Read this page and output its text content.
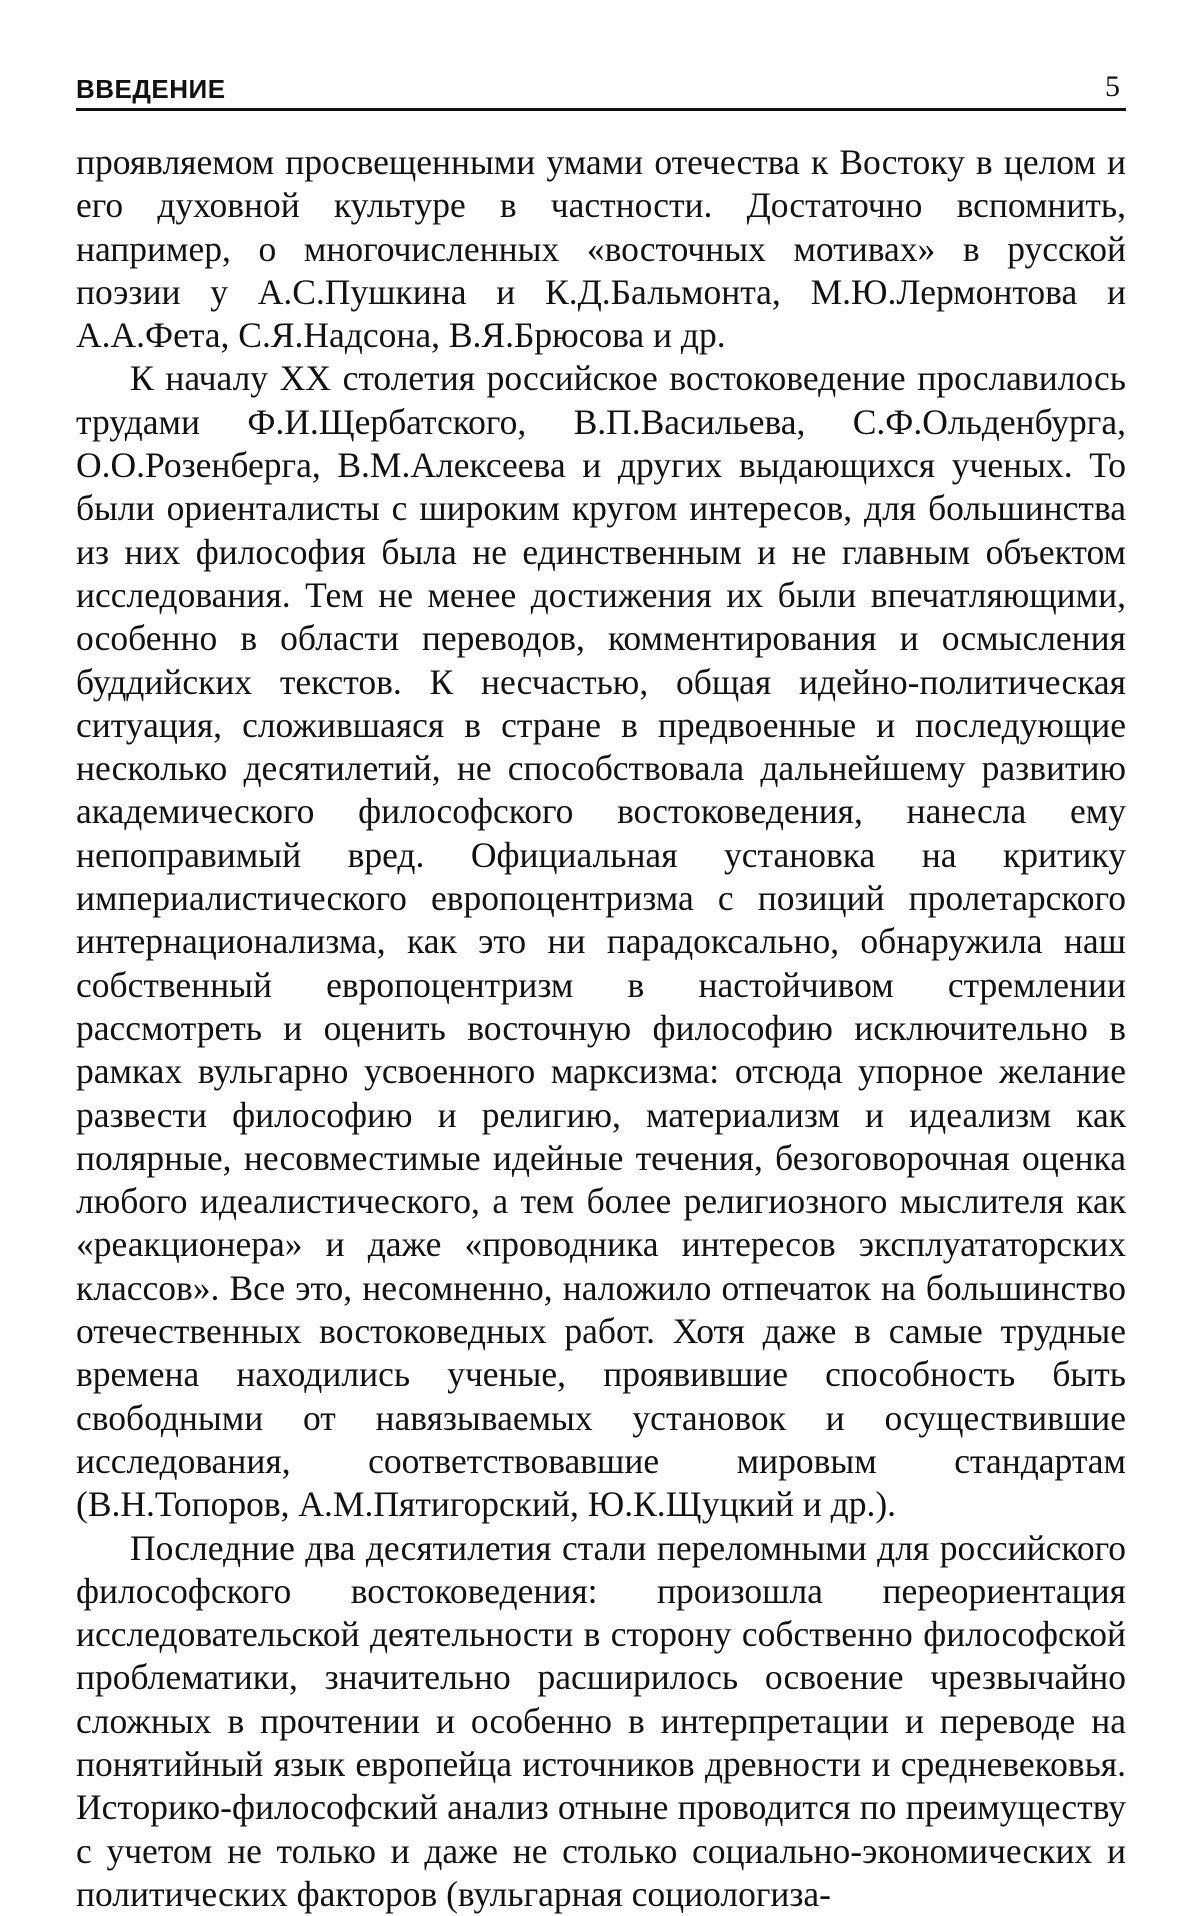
ВВЕДЕНИЕ	5

проявляемом просвещенными умами отечества к Востоку в целом и его духовной культуре в частности. Достаточно вспомнить, например, о многочисленных «восточных мотивах» в русской поэзии у А.С.Пушкина и К.Д.Бальмонта, М.Ю.Лермонтова и А.А.Фета, С.Я.Надсона, В.Я.Брюсова и др.

К началу XX столетия российское востоковедение прославилось трудами Ф.И.Щербатского, В.П.Васильева, С.Ф.Ольденбурга, О.О.Розенберга, В.М.Алексеева и других выдающихся ученых. То были ориенталисты с широким кругом интересов, для большинства из них философия была не единственным и не главным объектом исследования. Тем не менее достижения их были впечатляющими, особенно в области переводов, комментирования и осмысления буддийских текстов. К несчастью, общая идейно-политическая ситуация, сложившаяся в стране в предвоенные и последующие несколько десятилетий, не способствовала дальнейшему развитию академического философского востоковедения, нанесла ему непоправимый вред. Официальная установка на критику империалистического европоцентризма с позиций пролетарского интернационализма, как это ни парадоксально, обнаружила наш собственный европоцентризм в настойчивом стремлении рассмотреть и оценить восточную философию исключительно в рамках вульгарно усвоенного марксизма: отсюда упорное желание развести философию и религию, материализм и идеализм как полярные, несовместимые идейные течения, безоговорочная оценка любого идеалистического, а тем более религиозного мыслителя как «реакционера» и даже «проводника интересов эксплуататорских классов». Все это, несомненно, наложило отпечаток на большинство отечественных востоковедных работ. Хотя даже в самые трудные времена находились ученые, проявившие способность быть свободными от навязываемых установок и осуществившие исследования, соответствовавшие мировым стандартам (В.Н.Топоров, А.М.Пятигорский, Ю.К.Щуцкий и др.).

Последние два десятилетия стали переломными для российского философского востоковедения: произошла переориентация исследовательской деятельности в сторону собственно философской проблематики, значительно расширилось освоение чрезвычайно сложных в прочтении и особенно в интерпретации и переводе на понятийный язык европейца источников древности и средневековья. Историко-философский анализ отныне проводится по преимуществу с учетом не только и даже не столько социально-экономических и политических факторов (вульгарная социологиза-
